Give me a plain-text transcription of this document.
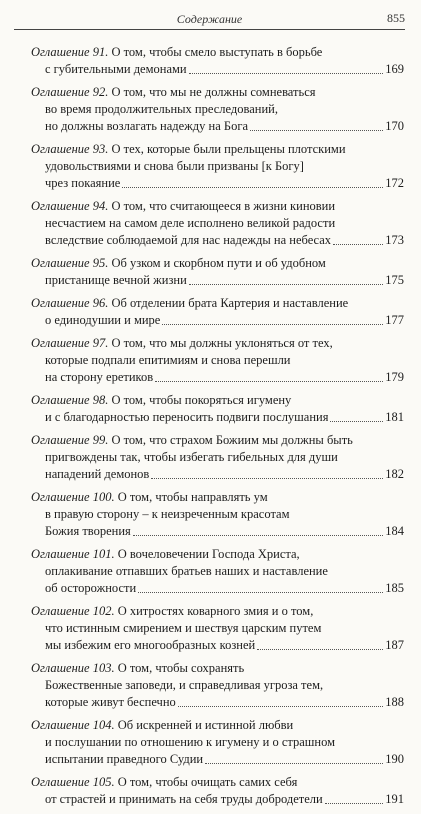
Содержание	855
Оглашение 91. О том, чтобы смело выступать в борьбе
с губительными демонами	169
Оглашение 92. О том, что мы не должны сомневаться
во время продолжительных преследований,
но должны возлагать надежду на Бога	170
Оглашение 93. О тех, которые были прельщены плотскими
удовольствиями и снова были призваны [к Богу]
чрез покаяние	172
Оглашение 94. О том, что считающееся в жизни киновии
несчастием на самом деле исполнено великой радости
вследствие соблюдаемой для нас надежды на небесах	173
Оглашение 95. Об узком и скорбном пути и об удобном
пристанище вечной жизни	175
Оглашение 96. Об отделении брата Картерия и наставление
о единодушии и мире	177
Оглашение 97. О том, что мы должны уклоняться от тех,
которые подпали епитимиям и снова перешли
на сторону еретиков	179
Оглашение 98. О том, чтобы покоряться игумену
и с благодарностью переносить подвиги послушания	181
Оглашение 99. О том, что страхом Божиим мы должны быть
пригвождены так, чтобы избегать гибельных для души
нападений демонов	182
Оглашение 100. О том, чтобы направлять ум
в правую сторону – к неизреченным красотам
Божия творения	184
Оглашение 101. О вочеловечении Господа Христа,
оплакивание отпавших братьев наших и наставление
об осторожности	185
Оглашение 102. О хитростях коварного змия и о том,
что истинным смирением и шествуя царским путем
мы избежим его многообразных козней	187
Оглашение 103. О том, чтобы сохранять
Божественные заповеди, и справедливая угроза тем,
которые живут беспечно	188
Оглашение 104. Об искренней и истинной любви
и послушании по отношению к игумену и о страшном
испытании праведного Судии	190
Оглашение 105. О том, чтобы очищать самих себя
от страстей и принимать на себя труды добродетели	191
